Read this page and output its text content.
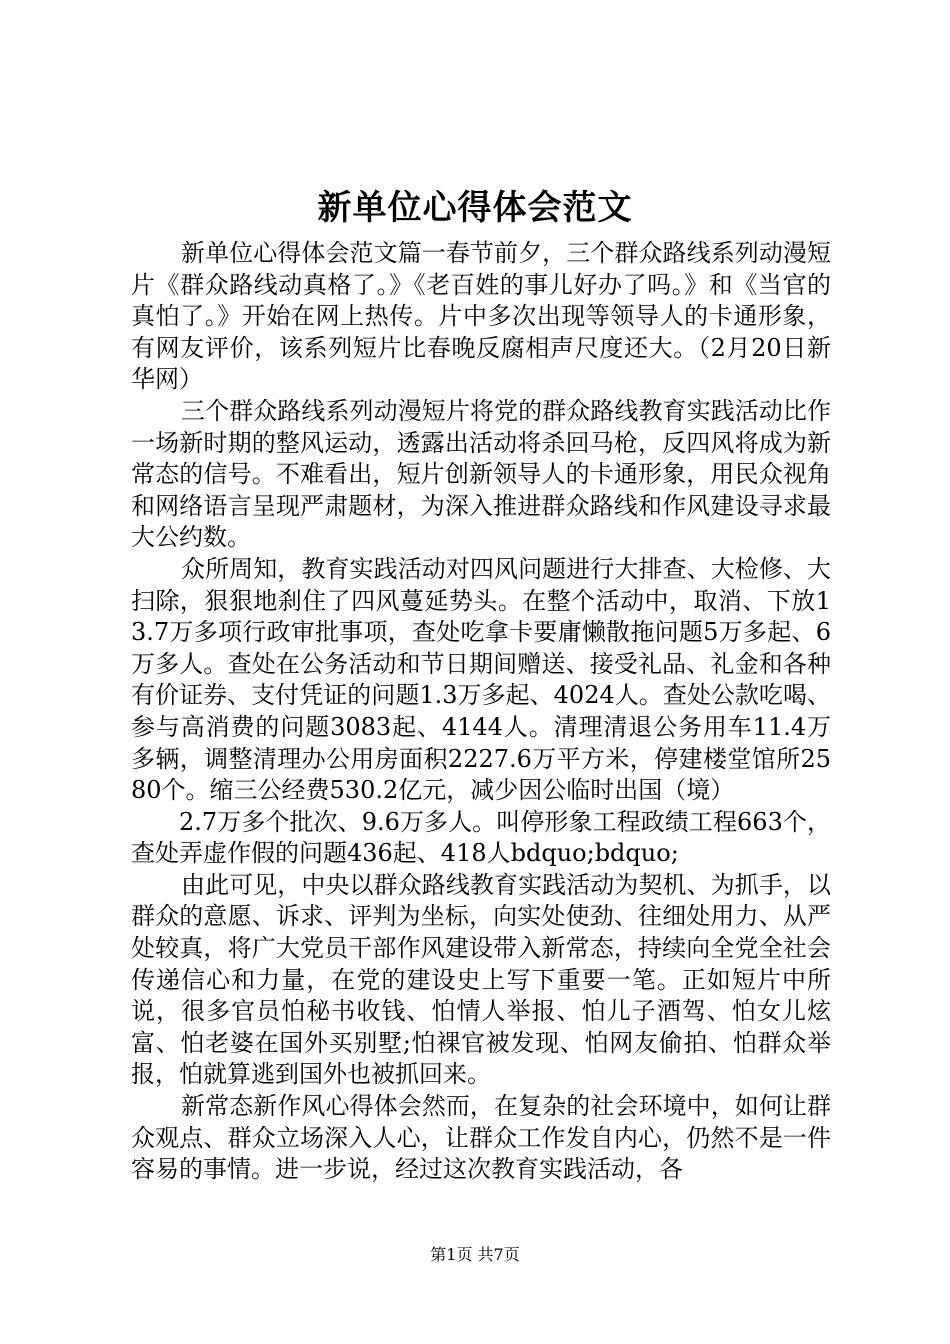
新单位心得体会范文

新单位心得体会范文篇一春节前夕，三个群众路线系列动漫短片《群众路线动真格了。》《老百姓的事儿好办了吗。》和《当官的真怕了。》开始在网上热传。片中多次出现等领导人的卡通形象，有网友评价，该系列短片比春晚反腐相声尺度还大。（2月20日新华网）

三个群众路线系列动漫短片将党的群众路线教育实践活动比作一场新时期的整风运动，透露出活动将杀回马枪，反四风将成为新常态的信号。不难看出，短片创新领导人的卡通形象，用民众视角和网络语言呈现严肃题材，为深入推进群众路线和作风建设寻求最大公约数。

众所周知，教育实践活动对四风问题进行大排查、大检修、大扫除，狠狠地刹住了四风蔓延势头。在整个活动中，取消、下放13.7万多项行政审批事项，查处吃拿卡要庸懒散拖问题5万多起、6万多人。查处在公务活动和节日期间赠送、接受礼品、礼金和各种有价证券、支付凭证的问题1.3万多起、4024人。查处公款吃喝、参与高消费的问题3083起、4144人。清理清退公务用车11.4万多辆，调整清理办公用房面积2227.6万平方米，停建楼堂馆所2580个。缩三公经费530.2亿元，减少因公临时出国（境）

2.7万多个批次、9.6万多人。叫停形象工程政绩工程663个，查处弄虚作假的问题436起、418人bdquo;bdquo;

由此可见，中央以群众路线教育实践活动为契机、为抓手，以群众的意愿、诉求、评判为坐标，向实处使劲、往细处用力、从严处较真，将广大党员干部作风建设带入新常态，持续向全党全社会传递信心和力量，在党的建设史上写下重要一笔。正如短片中所说，很多官员怕秘书收钱、怕情人举报、怕儿子酒驾、怕女儿炫富、怕老婆在国外买别墅;怕裸官被发现、怕网友偷拍、怕群众举报，怕就算逃到国外也被抓回来。

新常态新作风心得体会然而，在复杂的社会环境中，如何让群众观点、群众立场深入人心，让群众工作发自内心，仍然不是一件容易的事情。进一步说，经过这次教育实践活动，各

第1页 共7页
